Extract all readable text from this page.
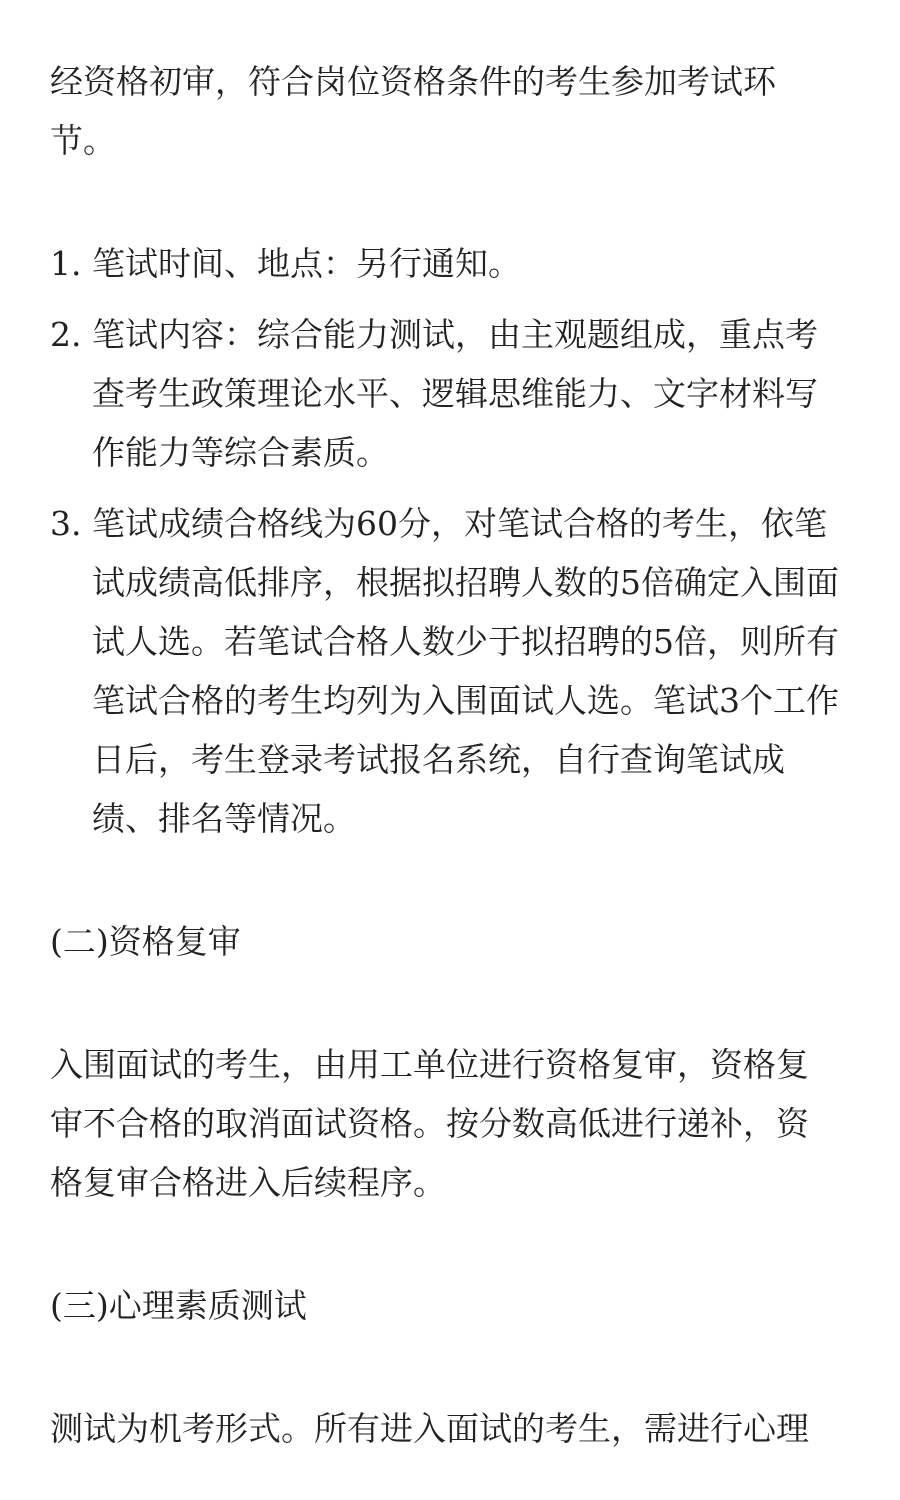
经资格初审，符合岗位资格条件的考生参加考试环节。

1. 笔试时间、地点：另行通知。
2. 笔试内容：综合能力测试，由主观题组成，重点考查考生政策理论水平、逻辑思维能力、文字材料写作能力等综合素质。
3. 笔试成绩合格线为60分，对笔试合格的考生，依笔试成绩高低排序，根据拟招聘人数的5倍确定入围面试人选。若笔试合格人数少于拟招聘的5倍，则所有笔试合格的考生均列为入围面试人选。笔试3个工作日后，考生登录考试报名系统，自行查询笔试成绩、排名等情况。

(二)资格复审

入围面试的考生，由用工单位进行资格复审，资格复审不合格的取消面试资格。按分数高低进行递补，资格复审合格进入后续程序。

(三)心理素质测试

测试为机考形式。所有进入面试的考生，需进行心理
